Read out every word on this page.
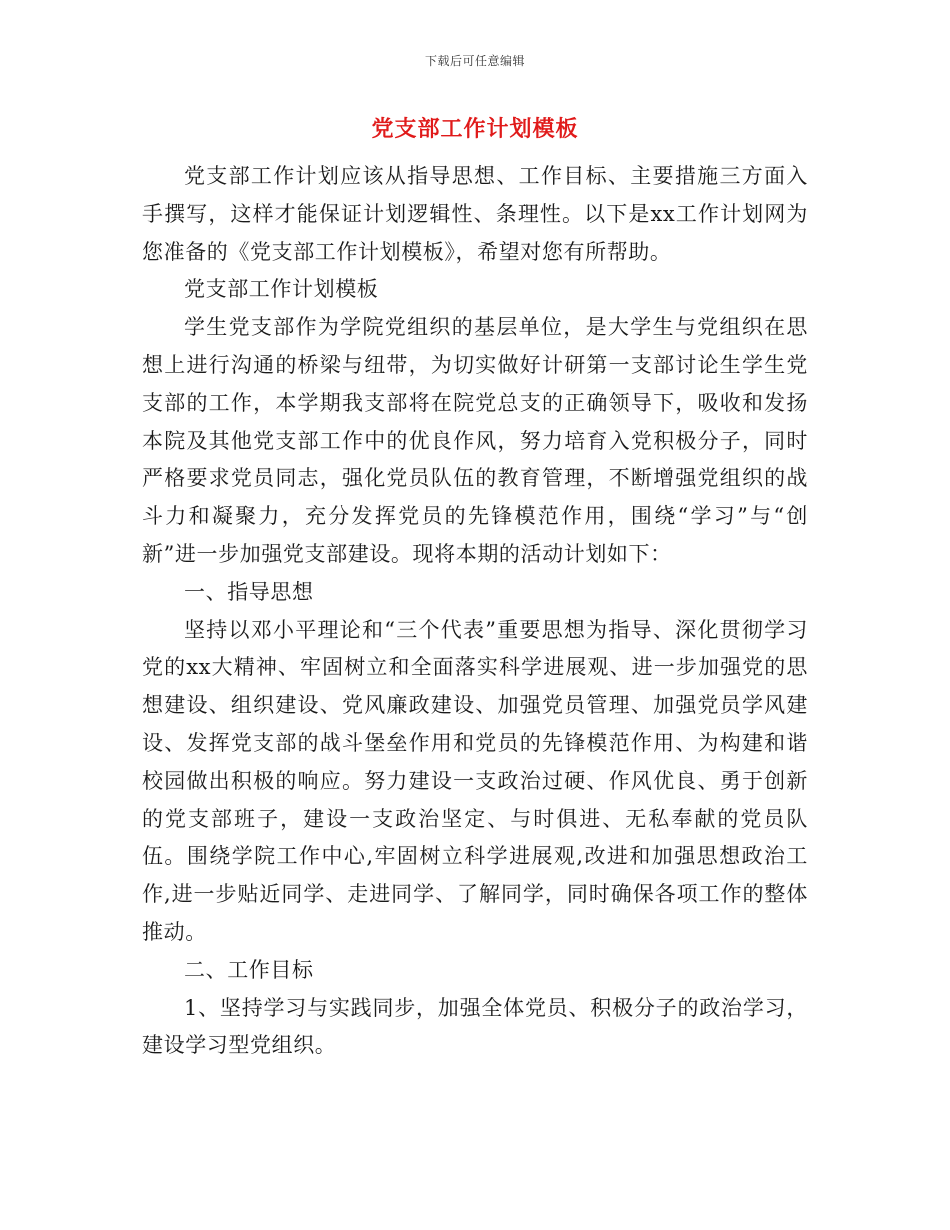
下载后可任意编辑
党支部工作计划模板

党支部工作计划应该从指导思想、工作目标、主要措施三方面入手撰写，这样才能保证计划逻辑性、条理性。以下是xx工作计划网为您准备的《党支部工作计划模板》，希望对您有所帮助。

党支部工作计划模板

学生党支部作为学院党组织的基层单位，是大学生与党组织在思想上进行沟通的桥梁与纽带，为切实做好计研第一支部讨论生学生党支部的工作，本学期我支部将在院党总支的正确领导下，吸收和发扬本院及其他党支部工作中的优良作风，努力培育入党积极分子，同时严格要求党员同志，强化党员队伍的教育管理，不断增强党组织的战斗力和凝聚力，充分发挥党员的先锋模范作用，围绕“学习”与“创新”进一步加强党支部建设。现将本期的活动计划如下：

一、指导思想

坚持以邓小平理论和“三个代表”重要思想为指导、深化贯彻学习党的xx大精神、牢固树立和全面落实科学进展观、进一步加强党的思想建设、组织建设、党风廉政建设、加强党员管理、加强党员学风建设、发挥党支部的战斗堡垒作用和党员的先锋模范作用、为构建和谐校园做出积极的响应。努力建设一支政治过硬、作风优良、勇于创新的党支部班子，建设一支政治坚定、与时俱进、无私奉献的党员队伍。围绕学院工作中心,牢固树立科学进展观,改进和加强思想政治工作,进一步贴近同学、走进同学、了解同学，同时确保各项工作的整体推动。

二、工作目标

1、坚持学习与实践同步，加强全体党员、积极分子的政治学习，建设学习型党组织。
